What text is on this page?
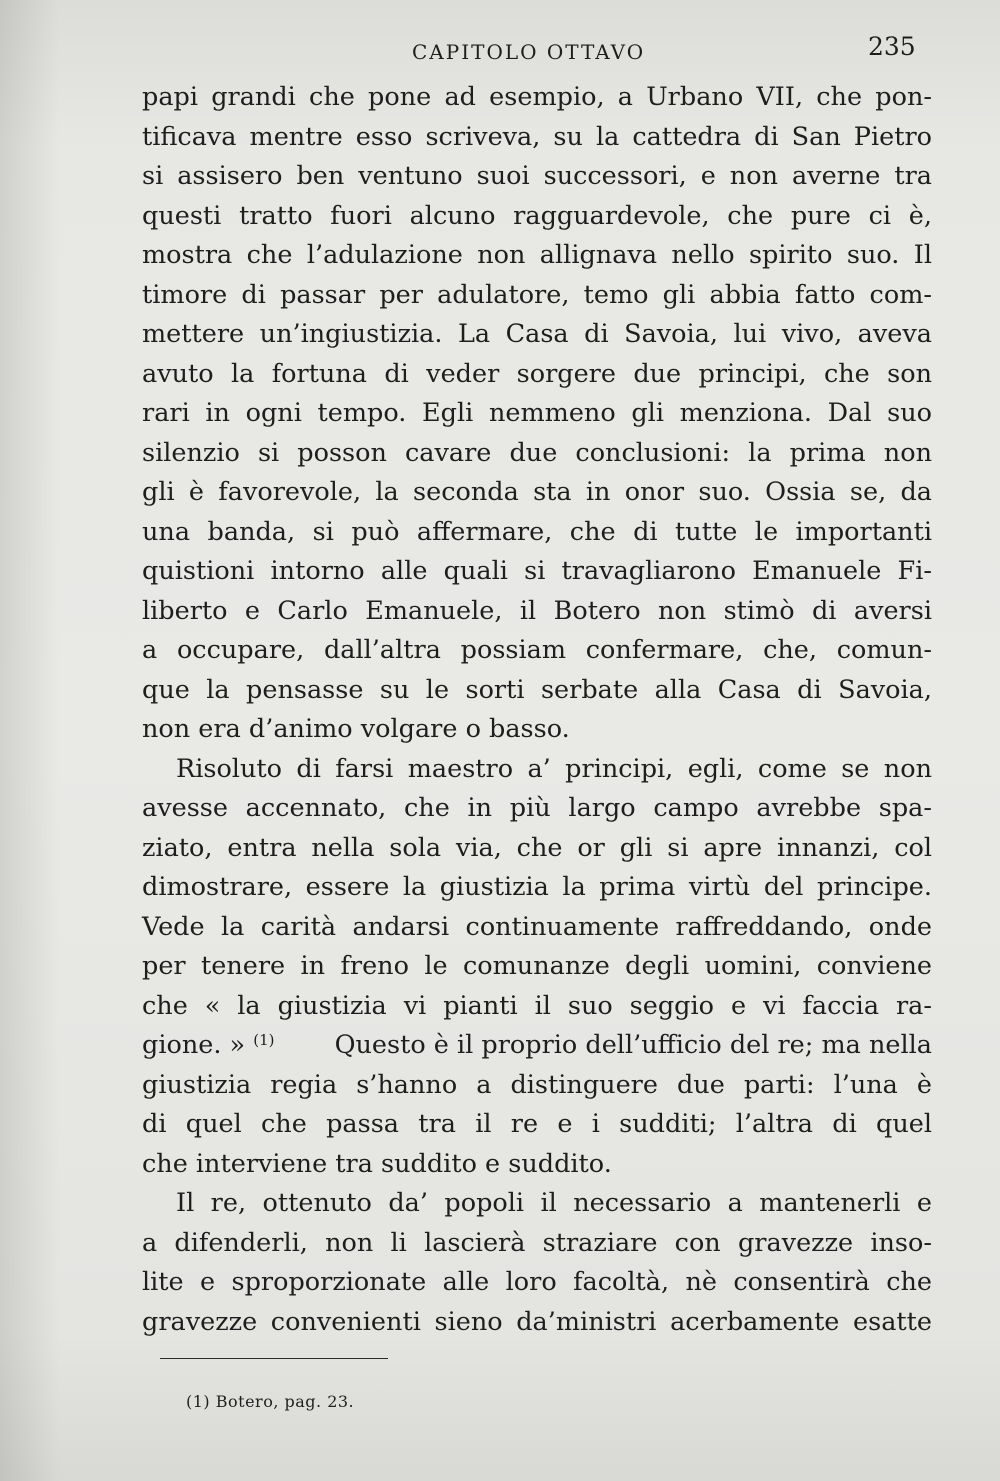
CAPITOLO OTTAVO	235
papi grandi che pone ad esempio, a Urbano VII, che pon-
tificava mentre esso scriveva, su la cattedra di San Pietro
si assisero ben ventuno suoi successori, e non averne tra
questi tratto fuori alcuno ragguardevole, che pure ci è,
mostra che l’adulazione non allignava nello spirito suo. Il
timore di passar per adulatore, temo gli abbia fatto com-
mettere un’ingiustizia. La Casa di Savoia, lui vivo, aveva
avuto la fortuna di veder sorgere due principi, che son
rari in ogni tempo. Egli nemmeno gli menziona. Dal suo
silenzio si posson cavare due conclusioni: la prima non
gli è favorevole, la seconda sta in onor suo. Ossia se, da
una banda, si può affermare, che di tutte le importanti
quistioni intorno alle quali si travagliarono Emanuele Fi-
liberto e Carlo Emanuele, il Botero non stimò di aversi
a occupare, dall’altra possiam confermare, che, comun-
que la pensasse su le sorti serbate alla Casa di Savoia,
non era d’animo volgare o basso.
Risoluto di farsi maestro a’ principi, egli, come se non
avesse accennato, che in più largo campo avrebbe spa-
ziato, entra nella sola via, che or gli si apre innanzi, col
dimostrare, essere la giustizia la prima virtù del principe.
Vede la carità andarsi continuamente raffreddando, onde
per tenere in freno le comunanze degli uomini, conviene
che « la giustizia vi pianti il suo seggio e vi faccia ra-
gione. » $^{(1)}$ Questo è il proprio dell’ufficio del re; ma nella
giustizia regia s’hanno a distinguere due parti: l’una è
di quel che passa tra il re e i sudditi; l’altra di quel
che interviene tra suddito e suddito.
Il re, ottenuto da’ popoli il necessario a mantenerli e
a difenderli, non li lascierà straziare con gravezze inso-
lite e sproporzionate alle loro facoltà, nè consentirà che
gravezze convenienti sieno da’ministri acerbamente esatte
(1) Botero, pag. 23.
